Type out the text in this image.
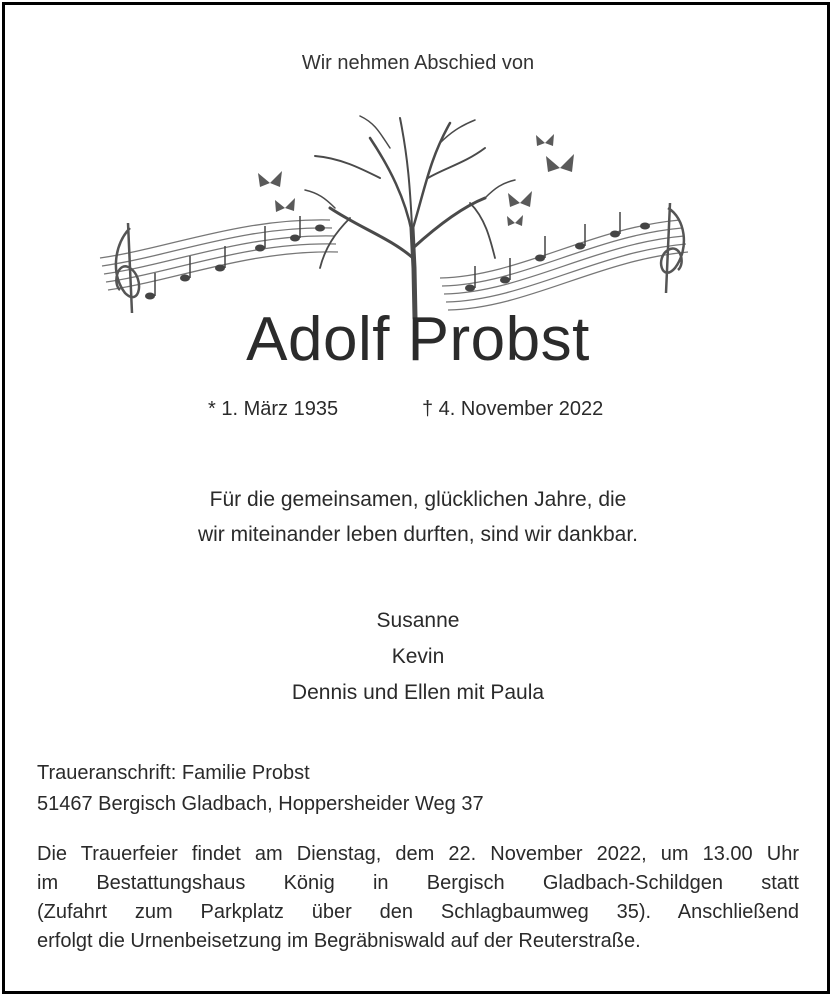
Wir nehmen Abschied von
Adolf Probst
* 1. März 1935	† 4. November 2022
Für die gemeinsamen, glücklichen Jahre, die
wir miteinander leben durften, sind wir dankbar.
Susanne
Kevin
Dennis und Ellen mit Paula
Traueranschrift: Familie Probst
51467 Bergisch Gladbach, Hoppersheider Weg 37
Die Trauerfeier findet am Dienstag, dem 22. November 2022, um 13.00 Uhr
im Bestattungshaus König in Bergisch Gladbach-Schildgen statt
(Zufahrt zum Parkplatz über den Schlagbaumweg 35). Anschließend
erfolgt die Urnenbeisetzung im Begräbniswald auf der Reuterstraße.
